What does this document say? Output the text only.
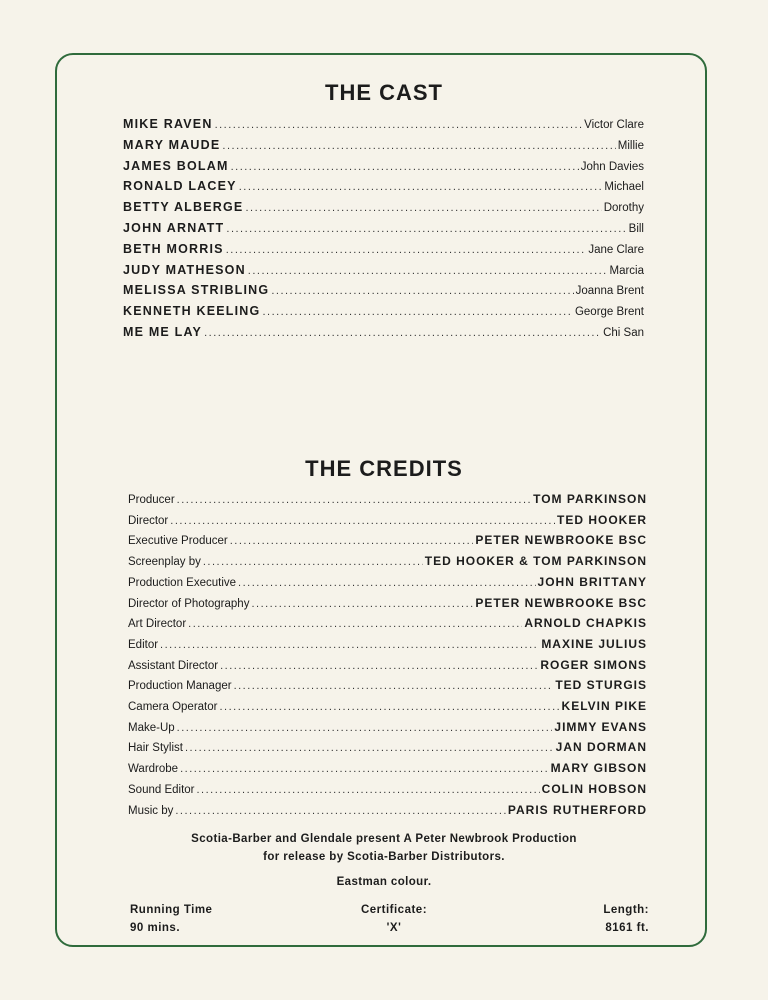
THE CAST
MIKE RAVEN .....	Victor Clare
MARY MAUDE .....	Millie
JAMES BOLAM .....	John Davies
RONALD LACEY .....	Michael
BETTY ALBERGE .....	Dorothy
JOHN ARNATT .....	Bill
BETH MORRIS .....	Jane Clare
JUDY MATHESON .....	Marcia
MELISSA STRIBLING .....	Joanna Brent
KENNETH KEELING .....	George Brent
ME ME LAY .....	Chi San
THE CREDITS
Producer .....	TOM PARKINSON
Director .....	TED HOOKER
Executive Producer .....	PETER NEWBROOKE BSC
Screenplay by .....	TED HOOKER & TOM PARKINSON
Production Executive .....	JOHN BRITTANY
Director of Photography .....	PETER NEWBROOKE BSC
Art Director .....	ARNOLD CHAPKIS
Editor .....	MAXINE JULIUS
Assistant Director .....	ROGER SIMONS
Production Manager .....	TED STURGIS
Camera Operator .....	KELVIN PIKE
Make-Up .....	JIMMY EVANS
Hair Stylist .....	JAN DORMAN
Wardrobe .....	MARY GIBSON
Sound Editor .....	COLIN HOBSON
Music by .....	PARIS RUTHERFORD
Scotia-Barber and Glendale present A Peter Newbrook Production
for release by Scotia-Barber Distributors.
Eastman colour.
Running Time
90 mins.
Certificate:
'X'
Length:
8161 ft.
